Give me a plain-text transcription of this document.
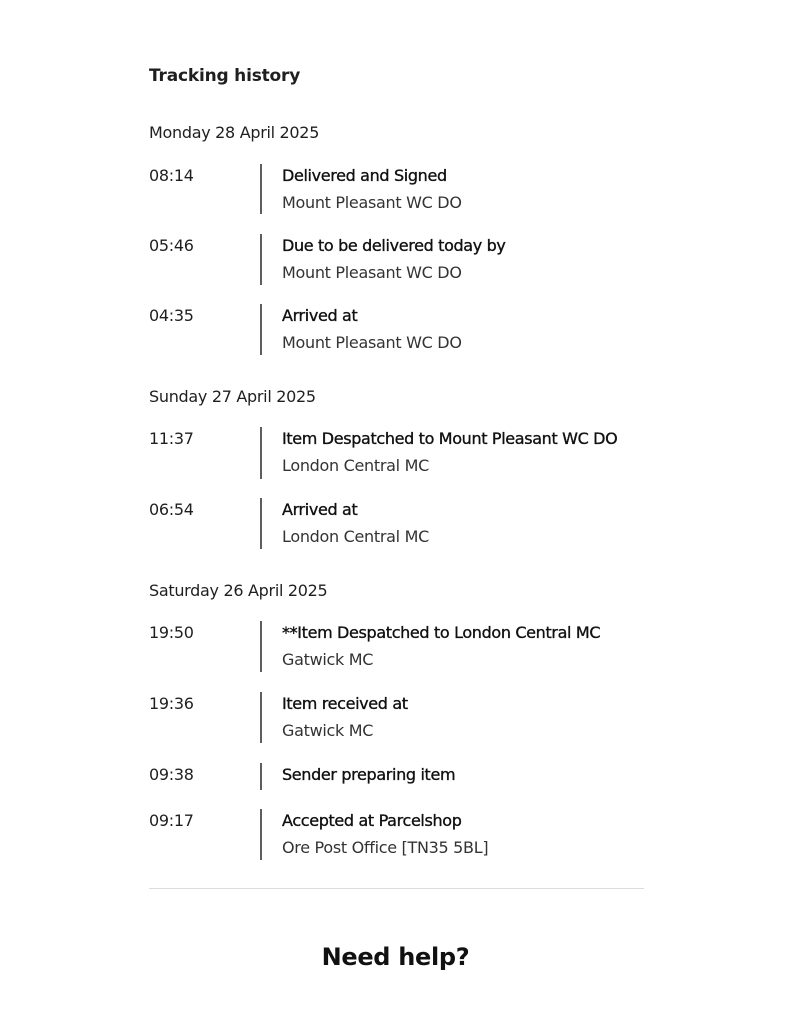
Tracking history
Monday 28 April 2025
08:14	Delivered and Signed
Mount Pleasant WC DO
05:46	Due to be delivered today by
Mount Pleasant WC DO
04:35	Arrived at
Mount Pleasant WC DO
Sunday 27 April 2025
11:37	Item Despatched to Mount Pleasant WC DO
London Central MC
06:54	Arrived at
London Central MC
Saturday 26 April 2025
19:50	**Item Despatched to London Central MC
Gatwick MC
19:36	Item received at
Gatwick MC
09:38	Sender preparing item
09:17	Accepted at Parcelshop
Ore Post Office [TN35 5BL]
Need help?
